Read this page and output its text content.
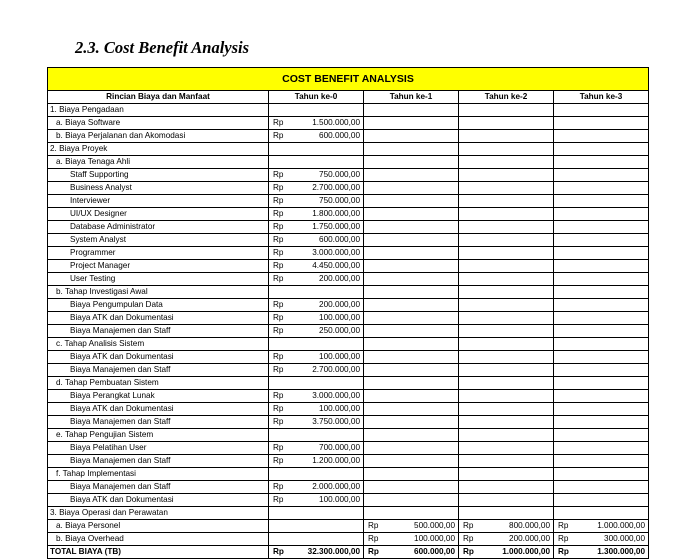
2.3. Cost Benefit Analysis
COST BENEFIT ANALYSIS								
Rincian Biaya dan Manfaat	Tahun ke-0		Tahun ke-1		Tahun ke-2		Tahun ke-3	
1. Biaya Pengadaan								
a. Biaya Software	Rp	1.500.000,00						
b. Biaya Perjalanan dan Akomodasi	Rp	600.000,00						
2. Biaya Proyek								
a. Biaya Tenaga Ahli								
Staff Supporting	Rp	750.000,00						
Business Analyst	Rp	2.700.000,00						
Interviewer	Rp	750.000,00						
UI/UX Designer	Rp	1.800.000,00						
Database Administrator	Rp	1.750.000,00						
System Analyst	Rp	600.000,00						
Programmer	Rp	3.000.000,00						
Project Manager	Rp	4.450.000,00						
User Testing	Rp	200.000,00						
b. Tahap Investigasi Awal								
Biaya Pengumpulan Data	Rp	200.000,00						
Biaya ATK dan Dokumentasi	Rp	100.000,00						
Biaya Manajemen dan Staff	Rp	250.000,00						
c. Tahap Analisis Sistem								
Biaya ATK dan Dokumentasi	Rp	100.000,00						
Biaya Manajemen dan Staff	Rp	2.700.000,00						
d. Tahap Pembuatan Sistem								
Biaya Perangkat Lunak	Rp	3.000.000,00						
Biaya ATK dan Dokumentasi	Rp	100.000,00						
Biaya Manajemen dan Staff	Rp	3.750.000,00						
e. Tahap Pengujian Sistem								
Biaya Pelatihan User	Rp	700.000,00						
Biaya Manajemen dan Staff	Rp	1.200.000,00						
f. Tahap Implementasi								
Biaya Manajemen dan Staff	Rp	2.000.000,00						
Biaya ATK dan Dokumentasi	Rp	100.000,00						
3. Biaya Operasi dan Perawatan								
a. Biaya Personel			Rp	500.000,00	Rp	800.000,00	Rp	1.000.000,00
b. Biaya Overhead			Rp	100.000,00	Rp	200.000,00	Rp	300.000,00
TOTAL BIAYA (TB)	Rp	32.300.000,00	Rp	600.000,00	Rp	1.000.000,00	Rp	1.300.000,00
